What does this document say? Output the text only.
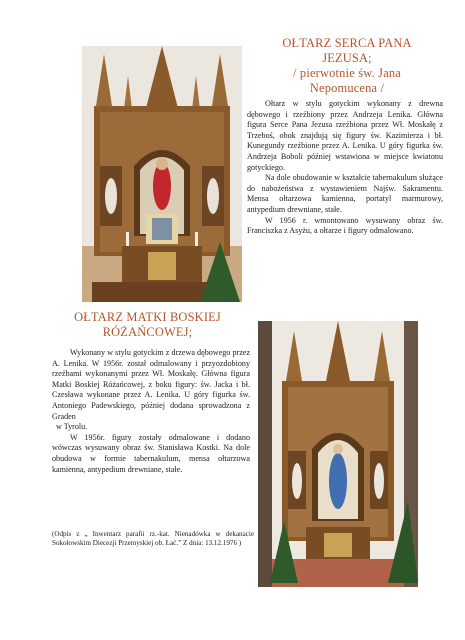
OŁTARZ SERCA PANA
JEZUSA;
/ pierwotnie św. Jana
Nepomucena /

Ołtarz w stylu gotyckim wykonany z drewna dębowego i rzeźbiony przez Andrzeja Lenika. Główna figura Serce Pana Jezusa rzeźbiona przez Wł. Moskałę z Trzeboś, obok znajdują się figury św. Kazimierza i bł. Kunegundy rzeźbione przez A. Lenika. U góry figurka św. Andrzeja Boboli później wstawiona w miejsce kwiatonu gotyckiego.

Na dole obudowanie w kształcie tabernakulum służące do nabożeństwa z wystawieniem Najśw. Sakramentu. Mensa ołtarzowa kamienna, portatyl marmurowy, antypedium drewniane, stałe.

W 1956 r. wmontowano wysuwany obraz św. Franciszka z Asyżu, a ołtarze i figury odmalowano.

OŁTARZ MATKI BOSKIEJ
RÓŻAŃCOWEJ;

Wykonany w stylu gotyckim z drzewa dębowego przez A. Lenika. W 1956r. został odmalowany i przyozdobiony rzeźbami wykonanymi przez Wł. Moskałę. Główna figura Matki Boskiej Różańcowej, z boku figury: św. Jacka i bł. Czesława wykonane przez A. Lenika. U góry figurka św. Antoniego Padewskiego, później dodana sprowadzona z Graden

w Tyrolu.

W 1956r. figury zostały odmalowane i dodano wówczas wysuwany obraz św. Stanisława Kostki. Na dole obudowa w formie tabernakulum, mensa ołtarzowa kamienna, antypedium drewniane, stałe.

(Odpis z „ Inwentarz parafii rz.-kat. Nienadówka w dekanacie Sokołowskim Diecezji Przemyskiej ob. Łać.” Z dnia: 13.12.1976 )
